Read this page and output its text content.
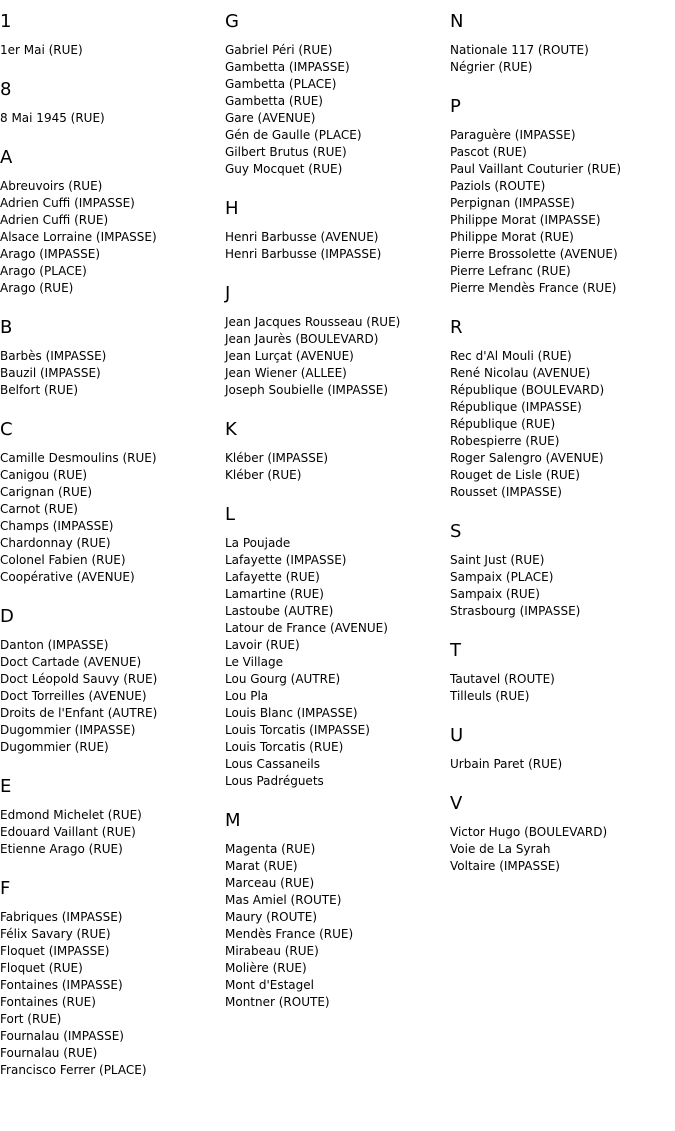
1
1er Mai (RUE)
8
8 Mai 1945 (RUE)
A
Abreuvoirs (RUE)
Adrien Cuffi (IMPASSE)
Adrien Cuffi (RUE)
Alsace Lorraine (IMPASSE)
Arago (IMPASSE)
Arago (PLACE)
Arago (RUE)
B
Barbès (IMPASSE)
Bauzil (IMPASSE)
Belfort (RUE)
C
Camille Desmoulins (RUE)
Canigou (RUE)
Carignan (RUE)
Carnot (RUE)
Champs (IMPASSE)
Chardonnay (RUE)
Colonel Fabien (RUE)
Coopérative (AVENUE)
D
Danton (IMPASSE)
Doct Cartade (AVENUE)
Doct Léopold Sauvy (RUE)
Doct Torreilles (AVENUE)
Droits de l'Enfant (AUTRE)
Dugommier (IMPASSE)
Dugommier (RUE)
E
Edmond Michelet (RUE)
Edouard Vaillant (RUE)
Etienne Arago (RUE)
F
Fabriques (IMPASSE)
Félix Savary (RUE)
Floquet (IMPASSE)
Floquet (RUE)
Fontaines (IMPASSE)
Fontaines (RUE)
Fort (RUE)
Fournalau (IMPASSE)
Fournalau (RUE)
Francisco Ferrer (PLACE)
G
Gabriel Péri (RUE)
Gambetta (IMPASSE)
Gambetta (PLACE)
Gambetta (RUE)
Gare (AVENUE)
Gén de Gaulle (PLACE)
Gilbert Brutus (RUE)
Guy Mocquet (RUE)
H
Henri Barbusse (AVENUE)
Henri Barbusse (IMPASSE)
J
Jean Jacques Rousseau (RUE)
Jean Jaurès (BOULEVARD)
Jean Lurçat (AVENUE)
Jean Wiener (ALLEE)
Joseph Soubielle (IMPASSE)
K
Kléber (IMPASSE)
Kléber (RUE)
L
La Poujade
Lafayette (IMPASSE)
Lafayette (RUE)
Lamartine (RUE)
Lastoube (AUTRE)
Latour de France (AVENUE)
Lavoir (RUE)
Le Village
Lou Gourg (AUTRE)
Lou Pla
Louis Blanc (IMPASSE)
Louis Torcatis (IMPASSE)
Louis Torcatis (RUE)
Lous Cassaneils
Lous Padréguets
M
Magenta (RUE)
Marat (RUE)
Marceau (RUE)
Mas Amiel (ROUTE)
Maury (ROUTE)
Mendès France (RUE)
Mirabeau (RUE)
Molière (RUE)
Mont d'Estagel
Montner (ROUTE)
N
Nationale 117 (ROUTE)
Négrier (RUE)
P
Paraguère (IMPASSE)
Pascot (RUE)
Paul Vaillant Couturier (RUE)
Paziols (ROUTE)
Perpignan (IMPASSE)
Philippe Morat (IMPASSE)
Philippe Morat (RUE)
Pierre Brossolette (AVENUE)
Pierre Lefranc (RUE)
Pierre Mendès France (RUE)
R
Rec d'Al Mouli (RUE)
René Nicolau (AVENUE)
République (BOULEVARD)
République (IMPASSE)
République (RUE)
Robespierre (RUE)
Roger Salengro (AVENUE)
Rouget de Lisle (RUE)
Rousset (IMPASSE)
S
Saint Just (RUE)
Sampaix (PLACE)
Sampaix (RUE)
Strasbourg (IMPASSE)
T
Tautavel (ROUTE)
Tilleuls (RUE)
U
Urbain Paret (RUE)
V
Victor Hugo (BOULEVARD)
Voie de La Syrah
Voltaire (IMPASSE)
